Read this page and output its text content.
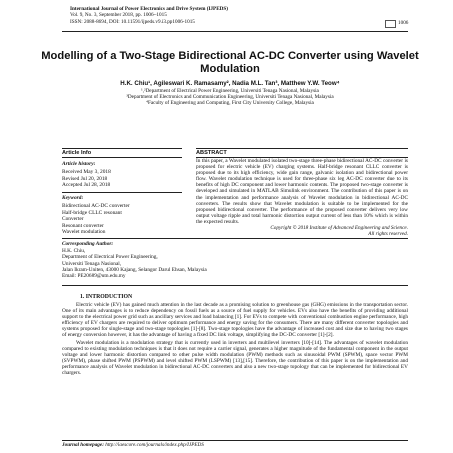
International Journal of Power Electronics and Drive System (IJPEDS)
Vol. 9, No. 3, September 2018, pp. 1006~1015
ISSN: 2088-8694, DOI: 10.11591/ijpeds.v9.i3.pp1006-1015	1006
Modelling of a Two-Stage Bidirectional AC-DC Converter using Wavelet Modulation
H.K. Chiu¹, Agileswari K. Ramasamy², Nadia M.L. Tan³, Matthew Y.W. Teow⁴
¹,²Department of Electrical Power Engineering, Universiti Tenaga Nasional, Malaysia
³Department of Electronics and Communication Engineering, Universiti Tenaga Nasional, Malaysia
⁴Faculty of Engineering and Computing, First City University College, Malaysia
Article Info	ABSTRACT
Article history:
Received May 3, 2018
Revised Jul 20, 2018
Accepted Jul 28, 2018
Keyword:
Bidirectional AC-DC converter
Half-bridge CLLC resonant
Converter
Resonant converter
Wavelet modulation
In this paper, a Wavelet modulated isolated two-stage three-phase bidirectional AC-DC converter is proposed for electric vehicle (EV) charging systems. Half-bridge resonant CLLC converter is proposed due to its high efficiency, wide gain range, galvanic isolation and bidirectional power flow. Wavelet modulation technique is used for three-phase six leg AC-DC converter due to its benefits of high DC component and lower harmonic contents. The proposed two-stage converter is developed and simulated in MATLAB Simulink environment. The contribution of this paper is on the implementation and performance analysis of Wavelet modulation in bidirectional AC-DC converters. The results show that Wavelet modulation is suitable to be implemented for the proposed bidirectional converter. The performance of the proposed converter delivers very low output voltage ripple and total harmonic distortion output current of less than 10% which is within the expected results.
Copyright © 2018 Institute of Advanced Engineering and Science.
All rights reserved.
Corresponding Author:
H.K. Chiu,
Department of Electrical Power Engineering,
Universiti Tenaga Nasional,
Jalan Ikram-Uniten, 43000 Kajang, Selangor Darul Ehsan, Malaysia
Email: PE20689@utn.edu.my
1. INTRODUCTION

Electric vehicle (EV) has gained much attention in the last decade as a promising solution to greenhouse gas (GHG) emissions in the transportation sector. One of its main advantages is to reduce dependency on fossil fuels as a source of fuel supply for vehicles. EVs also have the benefits of providing additional support to the electrical power grid such as ancillary services and load balancing [1]. For EVs to compete with conventional combustion engine performance, high efficiency of EV chargers are required to deliver optimum performance and energy saving for the consumers. There are many different converter topologies and systems proposed for single-stage and two-stage topologies [1]-[8]. Two-stage topologies have the advantage of increased cost and size due to having two stages of energy conversion however, it has the advantage of having a fixed DC link voltage, simplifying the DC-DC converter [1]-[2].

Wavelet modulation is a modulation strategy that is currently used in inverters and multilevel inverters [10]-[14]. The advantages of wavelet modulation compared to existing modulation techniques is that it does not require a carrier signal, generates a higher magnitude of the fundamental component in the output voltage and lower harmonic distortion compared to other pulse width modulation (PWM) methods such as sinusoidal PWM (SPWM), space vector PWM (SVPWM), phase shifted PWM (PSPWM) and level shifted PWM (LSPWM) [13],[15]. Therefore, the contribution of this paper is on the implementation and performance analysis of Wavelet modulation in bidirectional AC-DC converters and also a new two-stage topology that can be implemented for bidirectional EV chargers.

Journal homepage: http://iaescore.com/journals/index.php/IJPEDS
